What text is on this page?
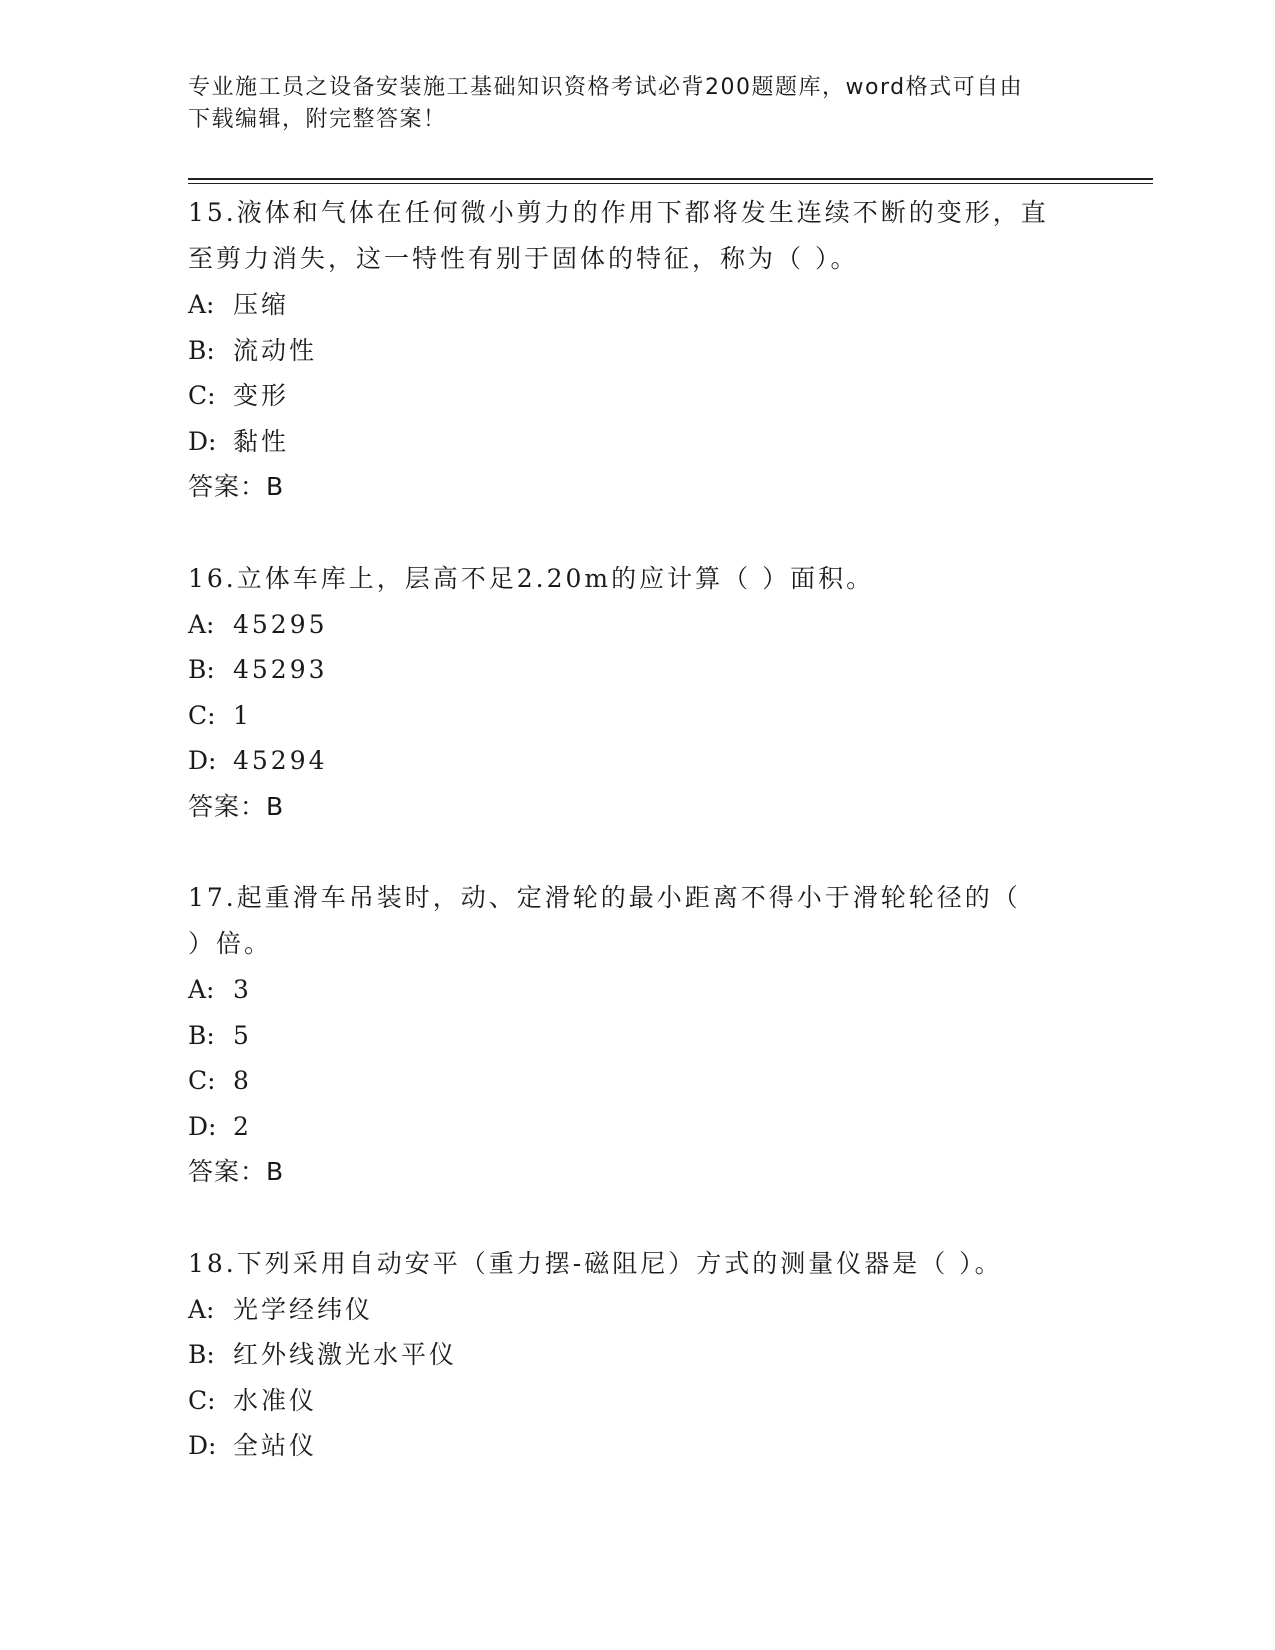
专业施工员之设备安装施工基础知识资格考试必背200题题库，word格式可自由
下载编辑，附完整答案！
15.液体和气体在任何微小剪力的作用下都将发生连续不断的变形，直
至剪力消失，这一特性有别于固体的特征，称为（ ）。
A: 压缩
B: 流动性
C: 变形
D: 黏性
答案：B
16.立体车库上，层高不足2.20m的应计算（ ）面积。
A: 45295
B: 45293
C: 1
D: 45294
答案：B
17.起重滑车吊装时，动、定滑轮的最小距离不得小于滑轮轮径的（
）倍。
A: 3
B: 5
C: 8
D: 2
答案：B
18.下列采用自动安平（重力摆-磁阻尼）方式的测量仪器是（ ）。
A: 光学经纬仪
B: 红外线激光水平仪
C: 水准仪
D: 全站仪
